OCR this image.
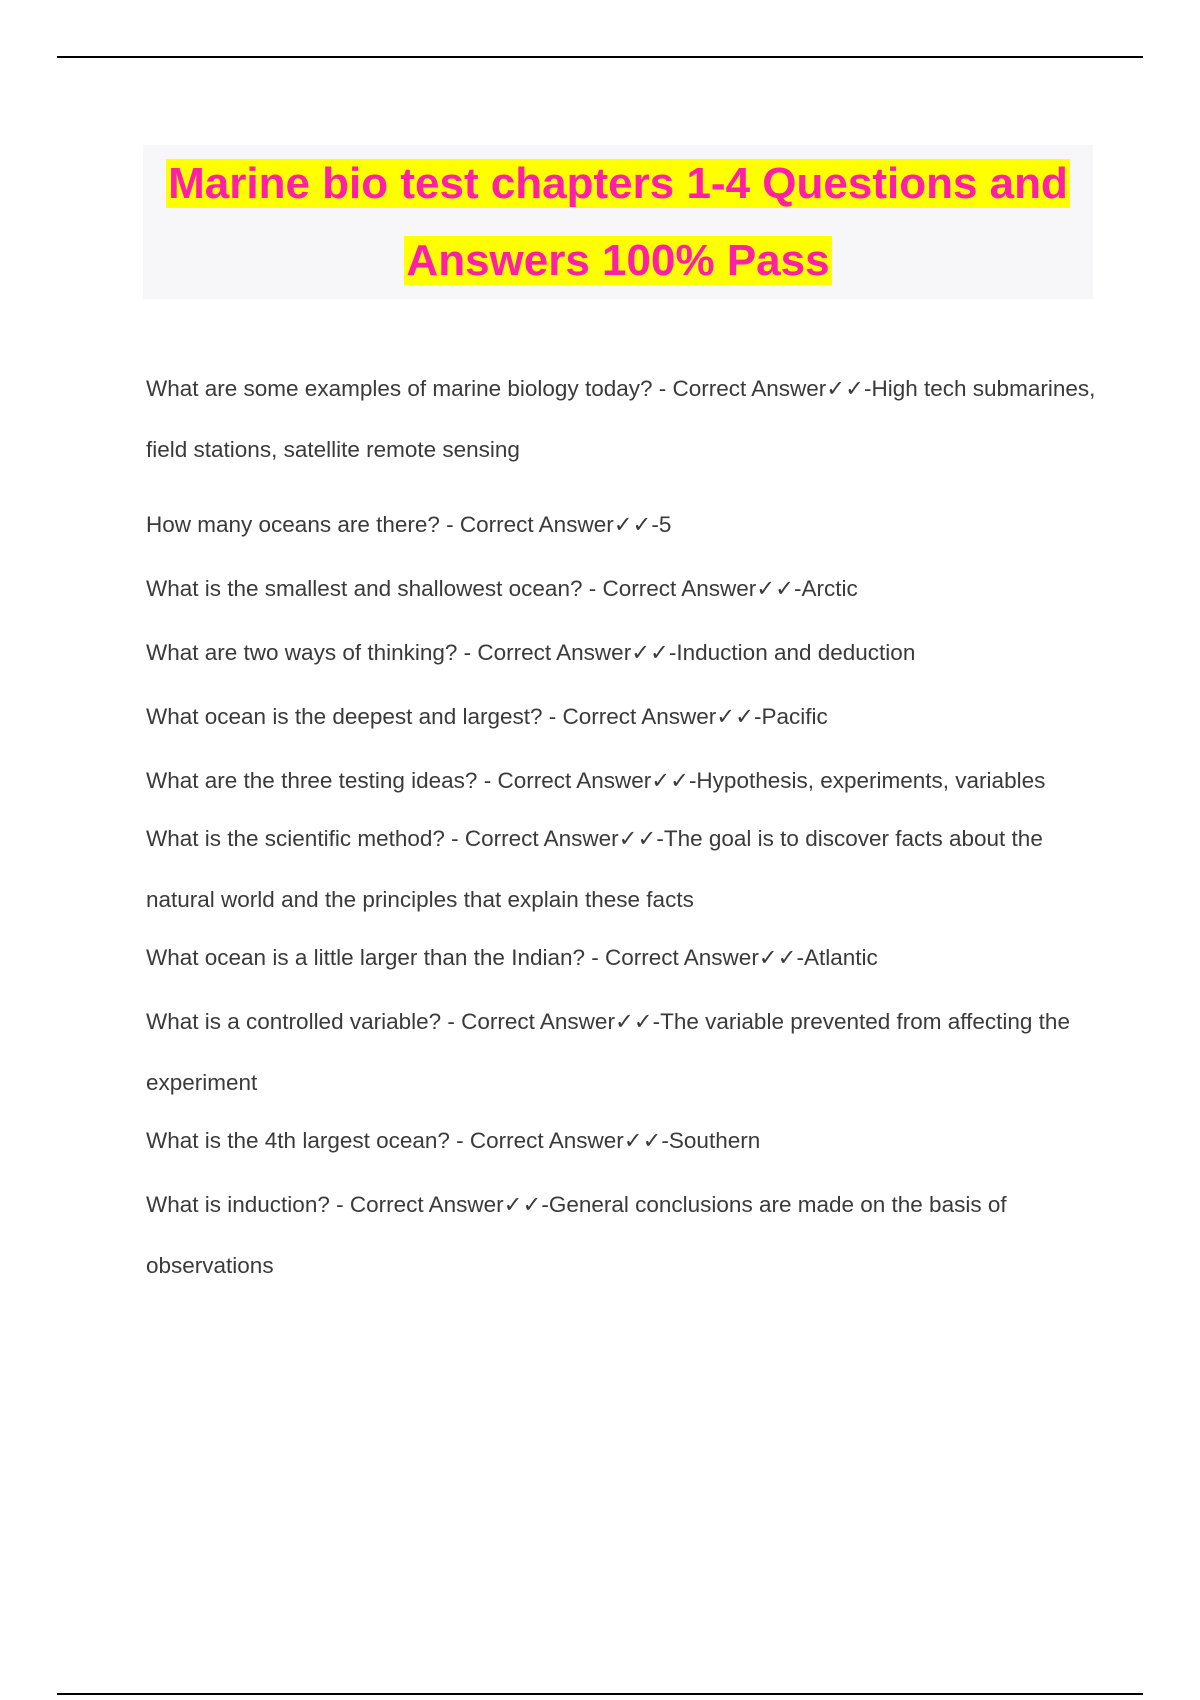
Marine bio test chapters 1-4 Questions and Answers 100% Pass
What are some examples of marine biology today? - Correct Answer✓✓-High tech submarines, field stations, satellite remote sensing
How many oceans are there? - Correct Answer✓✓-5
What is the smallest and shallowest ocean? - Correct Answer✓✓-Arctic
What are two ways of thinking? - Correct Answer✓✓-Induction and deduction
What ocean is the deepest and largest? - Correct Answer✓✓-Pacific
What are the three testing ideas? - Correct Answer✓✓-Hypothesis, experiments, variables
What is the scientific method? - Correct Answer✓✓-The goal is to discover facts about the natural world and the principles that explain these facts
What ocean is a little larger than the Indian? - Correct Answer✓✓-Atlantic
What is a controlled variable? - Correct Answer✓✓-The variable prevented from affecting the experiment
What is the 4th largest ocean? - Correct Answer✓✓-Southern
What is induction? - Correct Answer✓✓-General conclusions are made on the basis of observations
